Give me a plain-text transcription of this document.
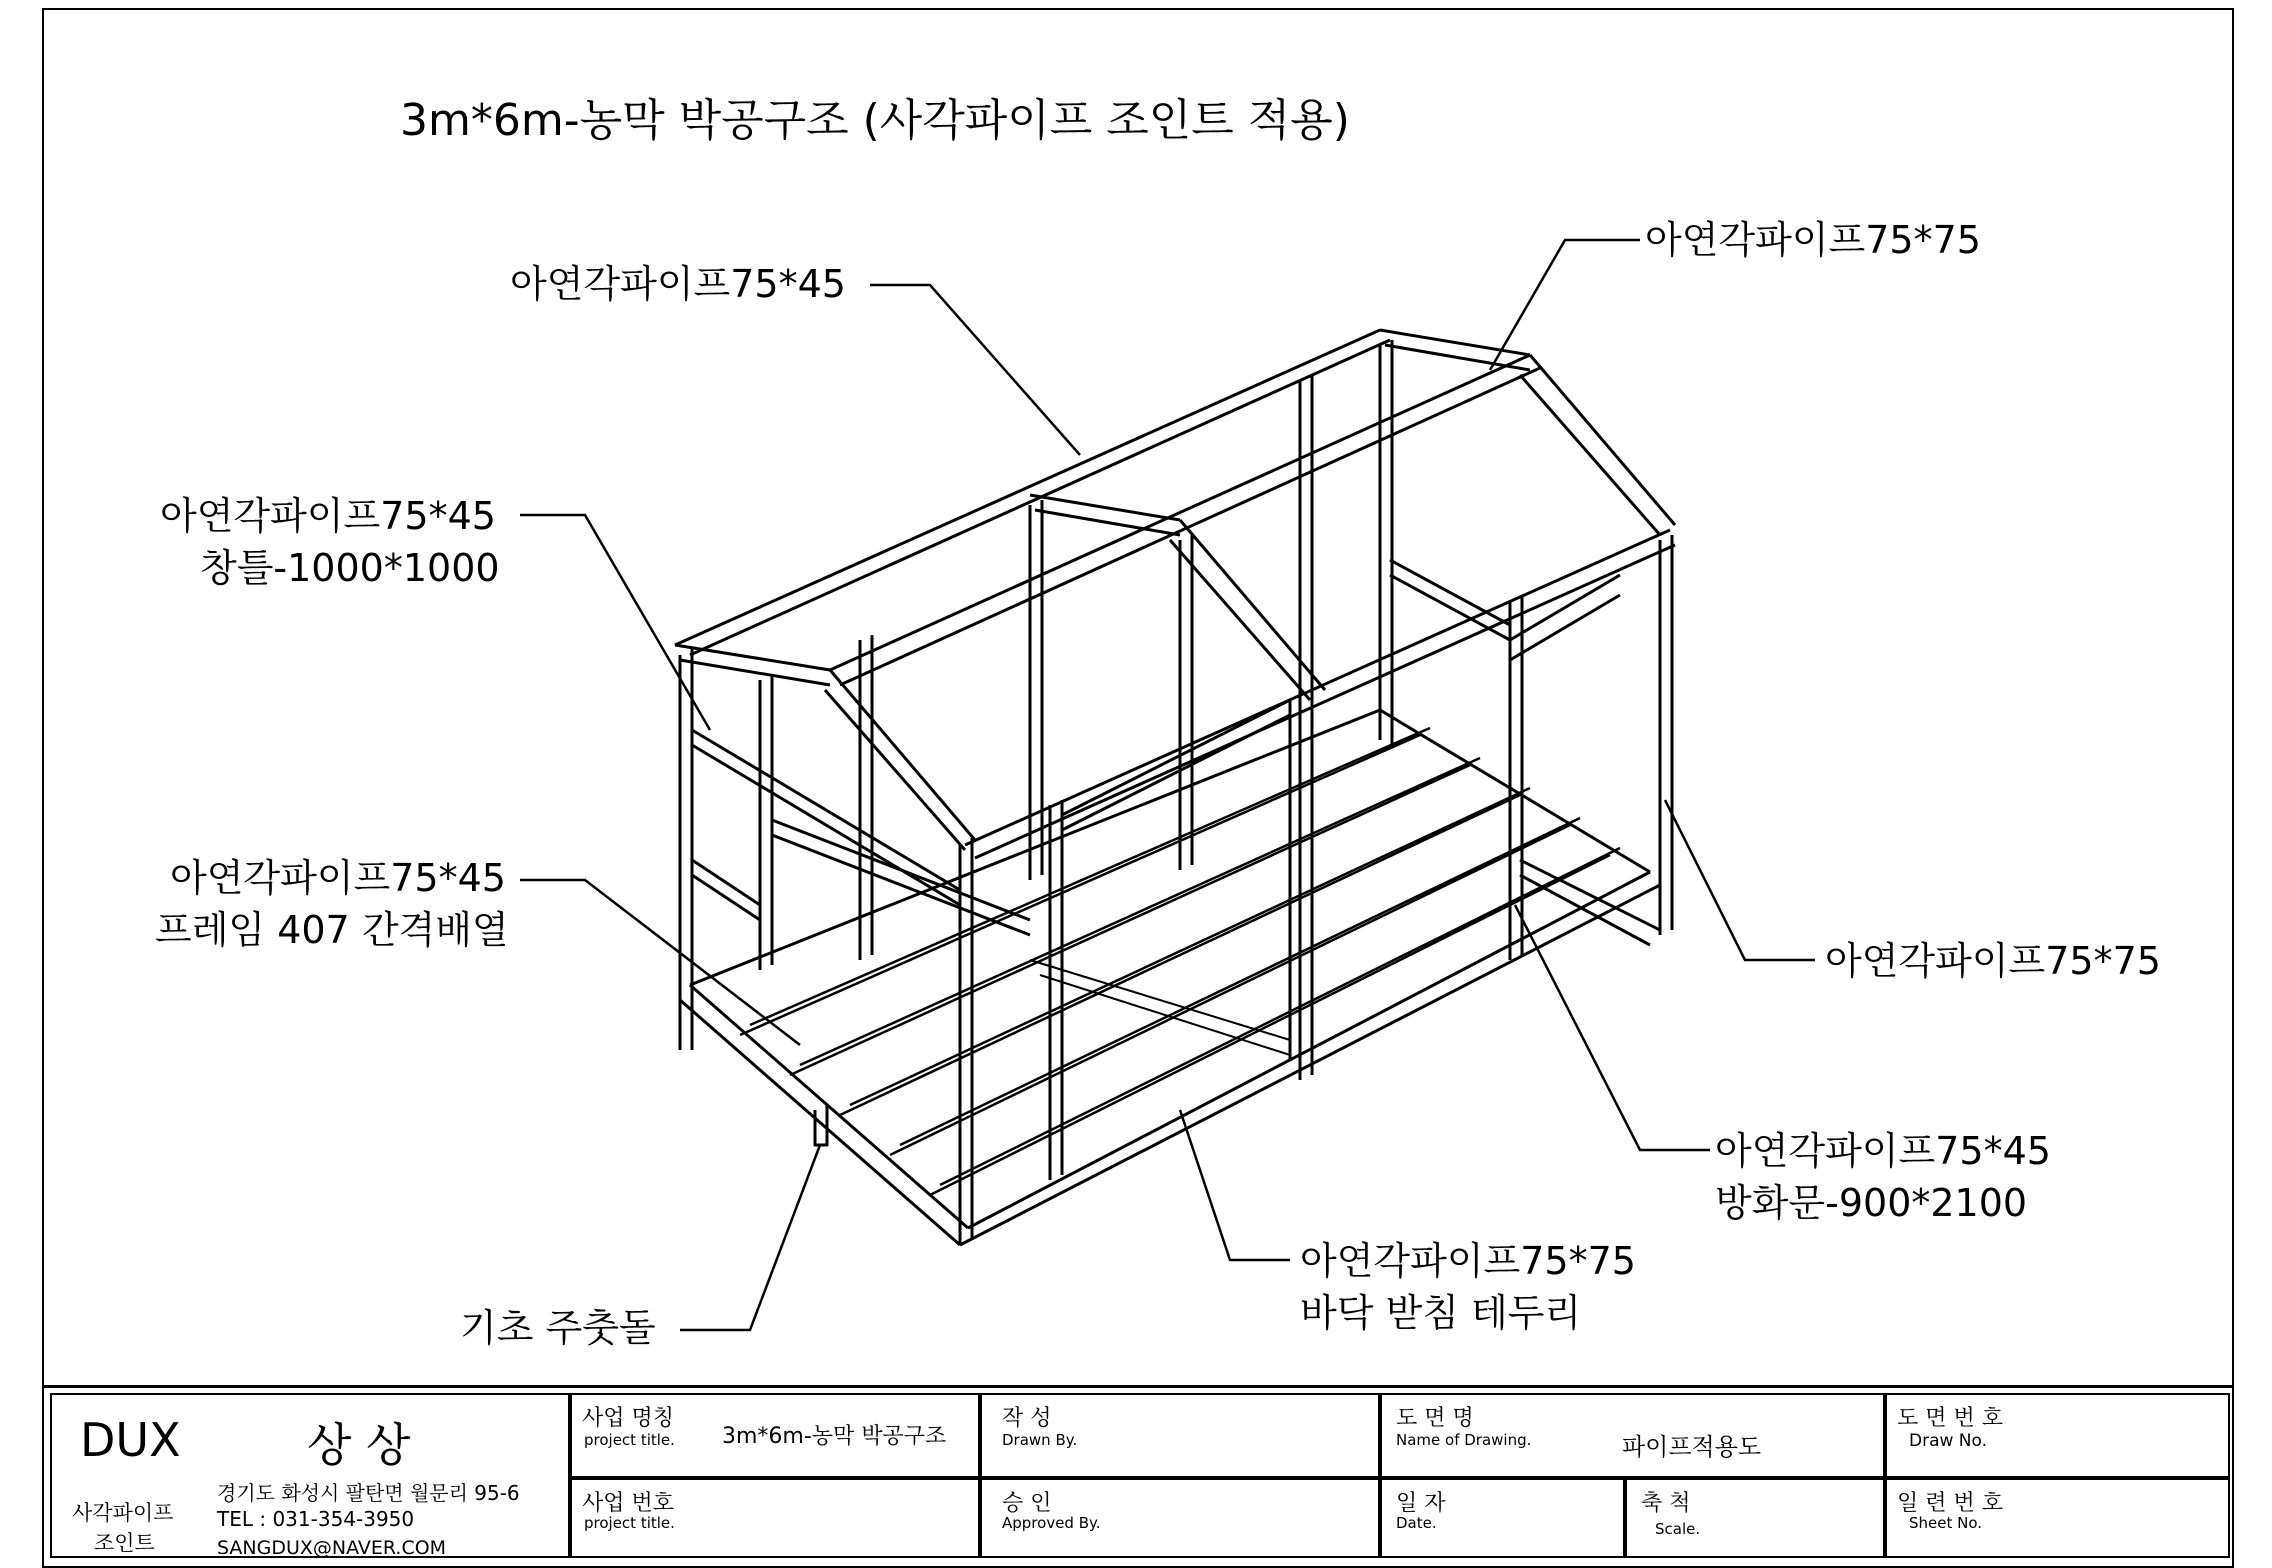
3m*6m-농막 박공구조 (사각파이프 조인트 적용)
아연각파이프75*75
아연각파이프75*45
아연각파이프75*45
창틀-1000*1000
아연각파이프75*45
프레임 407 간격배열
아연각파이프75*75
아연각파이프75*45
방화문-900*2100
아연각파이프75*75
바닥 받침 테두리
기초 주춧돌
DUX	상 상
사각파이프
조인트
경기도 화성시 팔탄면 월문리 95-6
TEL : 031-354-3950
SANGDUX@NAVER.COM
사업 명칭
project title. 3m*6m-농막 박공구조
사업 번호
project title.
작 성
Drawn By.
승 인
Approved By.
도 면 명
Name of Drawing.	파이프적용도
일 자
Date.
축 척
Scale.
도 면 번 호
Draw No.
일 련 번 호
Sheet No.
